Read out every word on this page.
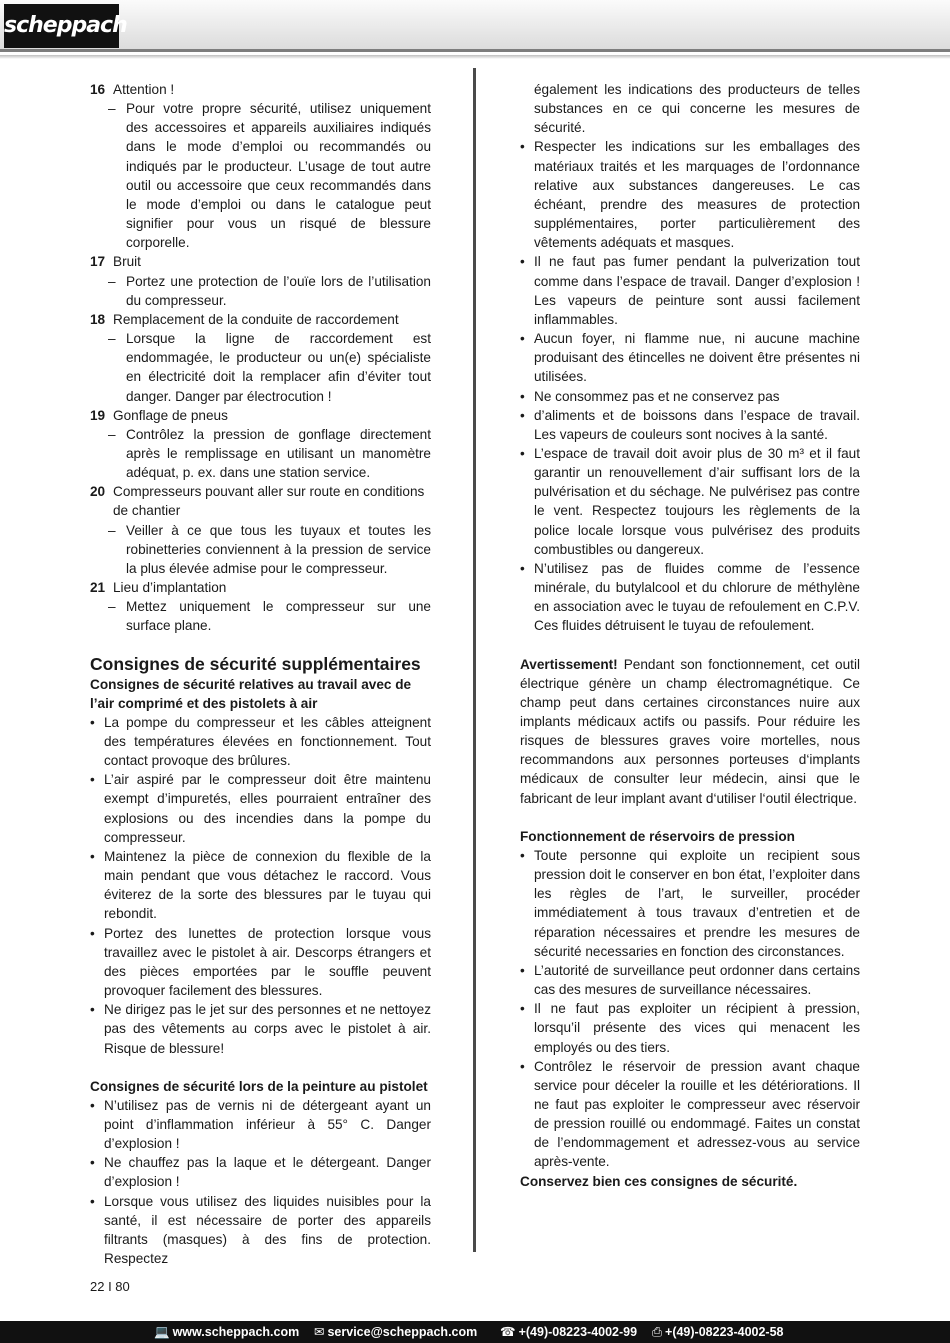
scheppach
16 Attention !
– Pour votre propre sécurité, utilisez uniquement des accessoires et appareils auxiliaires indiqués dans le mode d’emploi ou recommandés ou indiqués par le producteur. L’usage de tout autre outil ou accessoire que ceux recommandés dans le mode d’emploi ou dans le catalogue peut signifier pour vous un risqué de blessure corporelle.
17 Bruit
– Portez une protection de l’ouïe lors de l’utilisation du compresseur.
18 Remplacement de la conduite de raccordement
– Lorsque la ligne de raccordement est endommagée, le producteur ou un(e) spécialiste en électricité doit la remplacer afin d’éviter tout danger. Danger par électrocution !
19 Gonflage de pneus
– Contrôlez la pression de gonflage directement après le remplissage en utilisant un manomètre adéquat, p. ex. dans une station service.
20 Compresseurs pouvant aller sur route en conditions de chantier
– Veiller à ce que tous les tuyaux et toutes les robinetteries conviennent à la pression de service la plus élevée admise pour le compresseur.
21 Lieu d’implantation
– Mettez uniquement le compresseur sur une surface plane.
Consignes de sécurité supplémentaires
Consignes de sécurité relatives au travail avec de l’air comprimé et des pistolets à air
• La pompe du compresseur et les câbles atteignent des températures élevées en fonctionnement. Tout contact provoque des brûlures.
• L’air aspiré par le compresseur doit être maintenu exempt d’impuretés, elles pourraient entraîner des explosions ou des incendies dans la pompe du compresseur.
• Maintenez la pièce de connexion du flexible de la main pendant que vous détachez le raccord. Vous éviterez de la sorte des blessures par le tuyau qui rebondit.
• Portez des lunettes de protection lorsque vous travaillez avec le pistolet à air. Descorps étrangers et des pièces emportées par le souffle peuvent provoquer facilement des blessures.
• Ne dirigez pas le jet sur des personnes et ne nettoyez pas des vêtements au corps avec le pistolet à air. Risque de blessure!
Consignes de sécurité lors de la peinture au pistolet
• N’utilisez pas de vernis ni de détergeant ayant un point d’inflammation inférieur à 55° C. Danger d’explosion !
• Ne chauffez pas la laque et le détergeant. Danger d’explosion !
• Lorsque vous utilisez des liquides nuisibles pour la santé, il est nécessaire de porter des appareils filtrants (masques) à des fins de protection. Respectez
également les indications des producteurs de telles substances en ce qui concerne les mesures de sécurité.
• Respecter les indications sur les emballages des matériaux traités et les marquages de l’ordonnance relative aux substances dangereuses. Le cas échéant, prendre des measures de protection supplémentaires, porter particulièrement des vêtements adéquats et masques.
• Il ne faut pas fumer pendant la pulverization tout comme dans l’espace de travail. Danger d’explosion ! Les vapeurs de peinture sont aussi facilement inflammables.
• Aucun foyer, ni flamme nue, ni aucune machine produisant des étincelles ne doivent être présentes ni utilisées.
• Ne consommez pas et ne conservez pas
• d’aliments et de boissons dans l’espace de travail. Les vapeurs de couleurs sont nocives à la santé.
• L’espace de travail doit avoir plus de 30 m³ et il faut garantir un renouvellement d’air suffisant lors de la pulvérisation et du séchage. Ne pulvérisez pas contre le vent. Respectez toujours les règlements de la police locale lorsque vous pulvérisez des produits combustibles ou dangereux.
• N’utilisez pas de fluides comme de l’essence minérale, du butylalcool et du chlorure de méthylène en association avec le tuyau de refoulement en C.P.V. Ces fluides détruisent le tuyau de refoulement.
Avertissement! Pendant son fonctionnement, cet outil électrique génère un champ électromagnétique. Ce champ peut dans certaines circonstances nuire aux implants médicaux actifs ou passifs. Pour réduire les risques de blessures graves voire mortelles, nous recommandons aux personnes porteuses d‘implants médicaux de consulter leur médecin, ainsi que le fabricant de leur implant avant d‘utiliser l‘outil électrique.
Fonctionnement de réservoirs de pression
• Toute personne qui exploite un recipient sous pression doit le conserver en bon état, l’exploiter dans les règles de l’art, le surveiller, procéder immédiatement à tous travaux d’entretien et de réparation nécessaires et prendre les mesures de sécurité necessaries en fonction des circonstances.
• L’autorité de surveillance peut ordonner dans certains cas des mesures de surveillance nécessaires.
• Il ne faut pas exploiter un récipient à pression, lorsqu’il présente des vices qui menacent les employés ou des tiers.
• Contrôlez le réservoir de pression avant chaque service pour déceler la rouille et les détériorations. Il ne faut pas exploiter le compresseur avec réservoir de pression rouillé ou endommagé. Faites un constat de l’endommagement et adressez-vous au service après-vente.
Conservez bien ces consignes de sécurité.
22 I 80
💻 www.scheppach.com ✉ service@scheppach.com ☎ +(49)-08223-4002-99 ⎙ +(49)-08223-4002-58
